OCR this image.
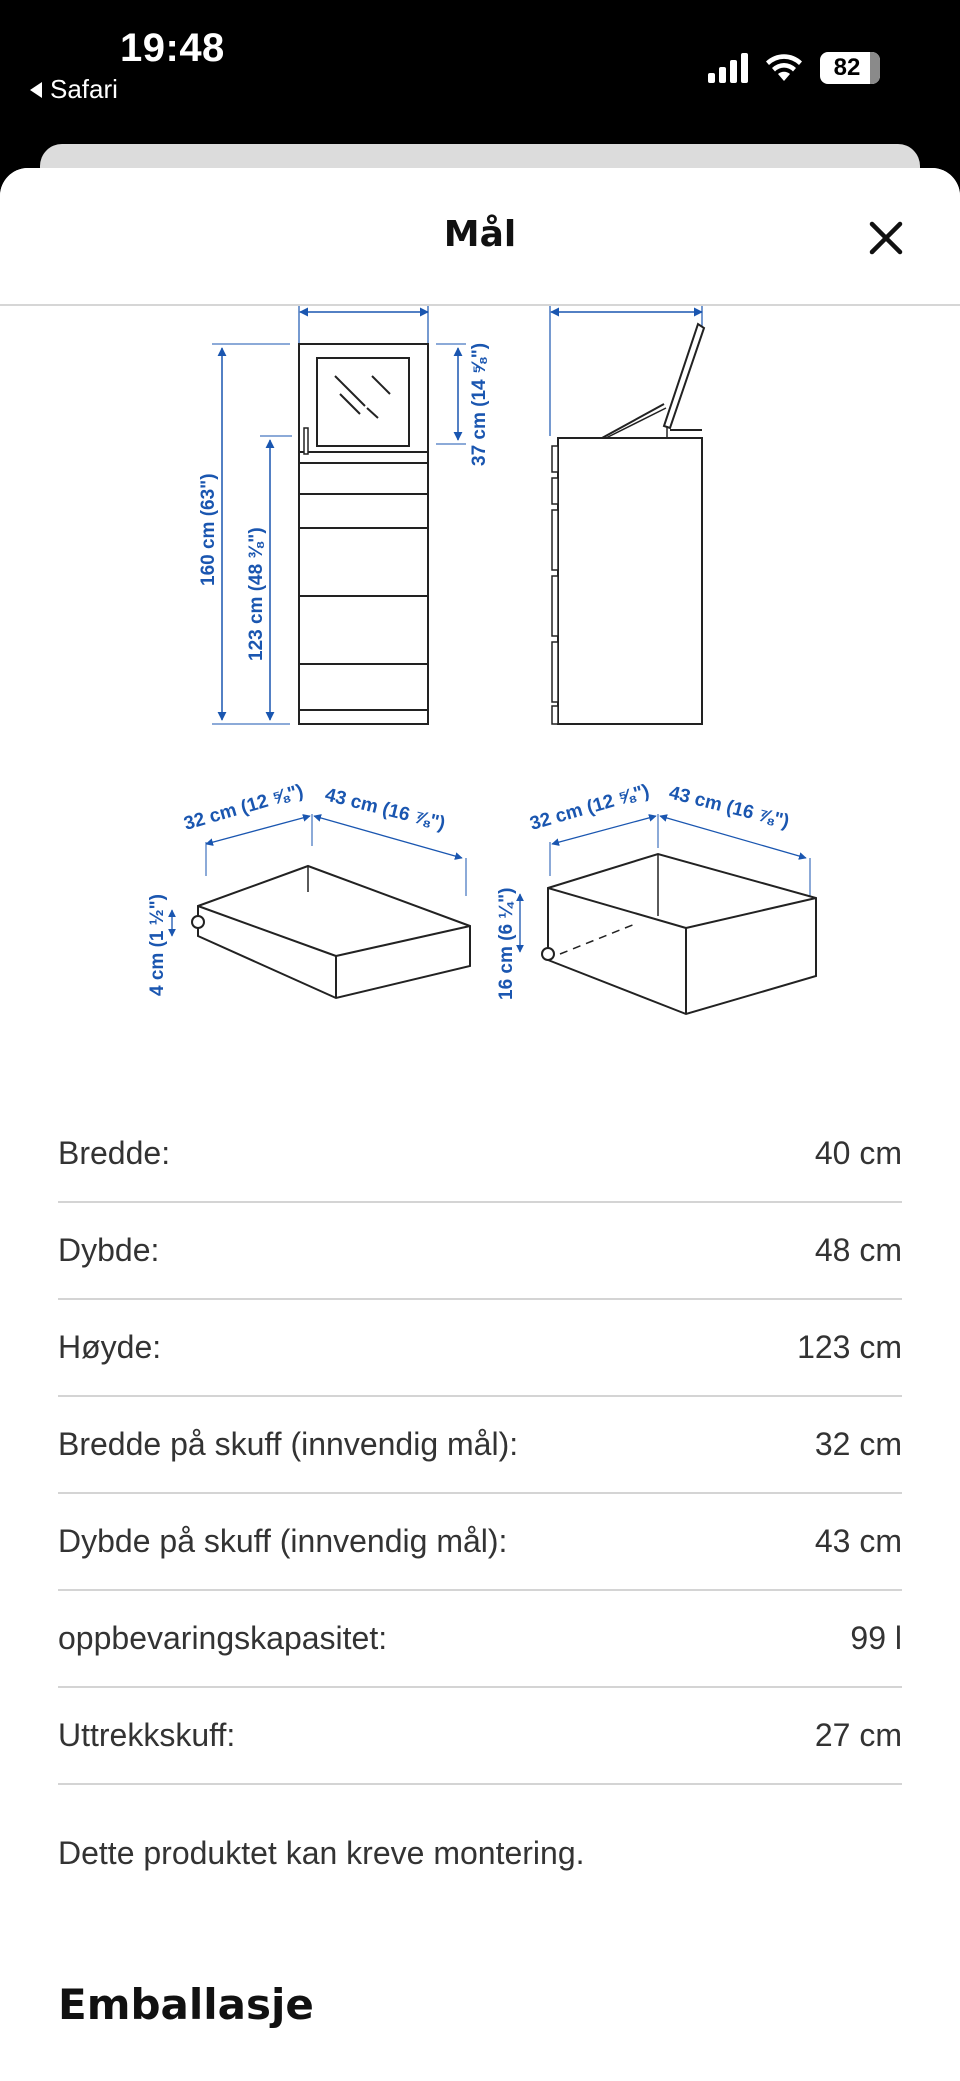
19:48
Safari
82
Mål
160 cm (63") 123 cm (48 ⅜")
37 cm (14 ⅝")
32 cm (12 ⅝") 43 cm (16 ⅞")
4 cm (1 ½")
32 cm (12 ⅝") 43 cm (16 ⅞")
16 cm (6 ¼")
Bredde:	40 cm
Dybde:	48 cm
Høyde:	123 cm
Bredde på skuff (innvendig mål):	32 cm
Dybde på skuff (innvendig mål):	43 cm
oppbevaringskapasitet:	99 l
Uttrekkskuff:	27 cm

Dette produktet kan kreve montering.

Emballasje
